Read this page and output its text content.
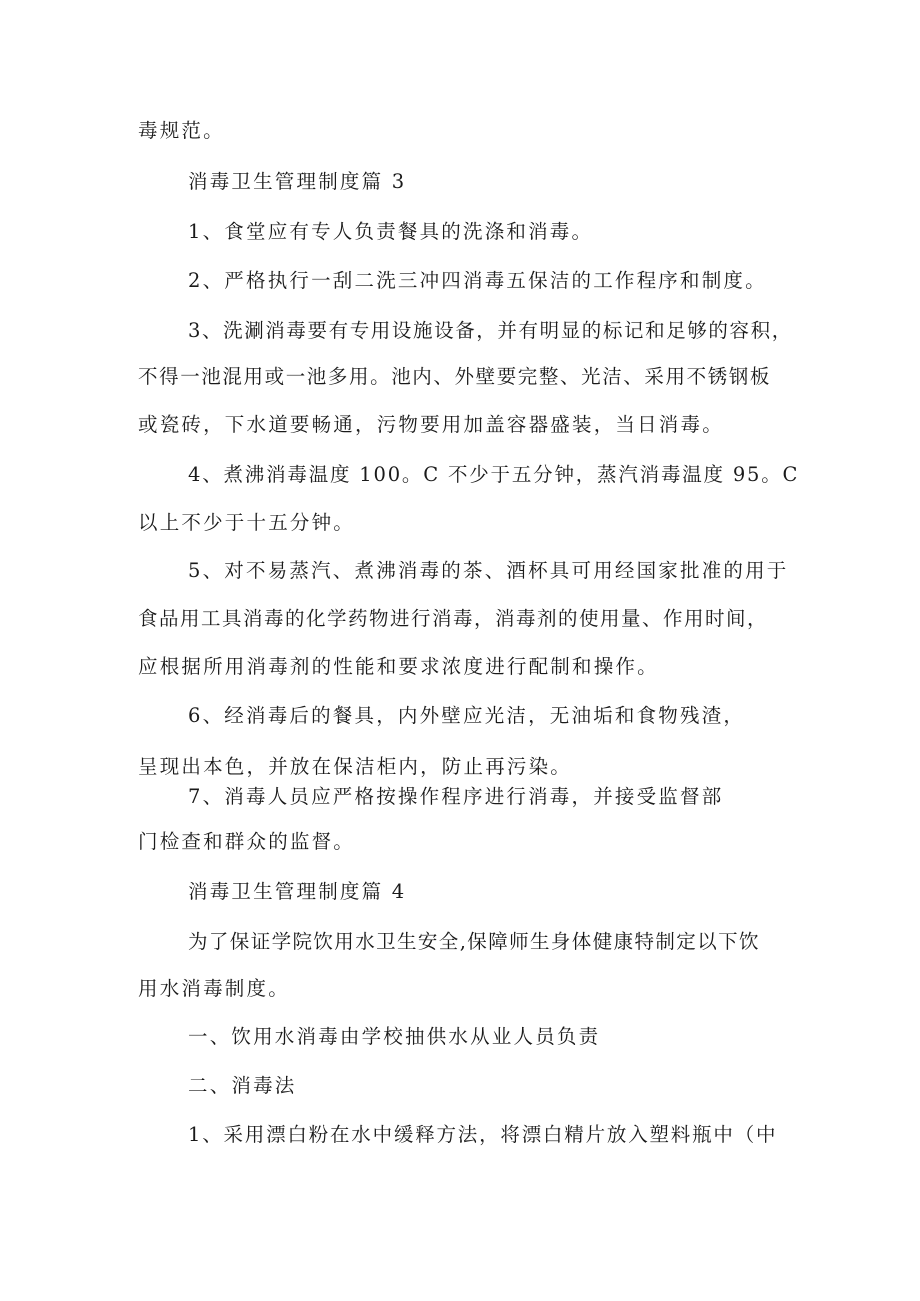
毒规范。
消毒卫生管理制度篇 3
1、食堂应有专人负责餐具的洗涤和消毒。
2、严格执行一刮二洗三冲四消毒五保洁的工作程序和制度。
3、洗涮消毒要有专用设施设备，并有明显的标记和足够的容积，
不得一池混用或一池多用。池内、外壁要完整、光洁、采用不锈钢板
或瓷砖，下水道要畅通，污物要用加盖容器盛装，当日消毒。
4、煮沸消毒温度 100。C 不少于五分钟，蒸汽消毒温度 95。C
以上不少于十五分钟。
5、对不易蒸汽、煮沸消毒的茶、酒杯具可用经国家批准的用于
食品用工具消毒的化学药物进行消毒，消毒剂的使用量、作用时间，
应根据所用消毒剂的性能和要求浓度进行配制和操作。
6、经消毒后的餐具，内外壁应光洁，无油垢和食物残渣，
呈现出本色，并放在保洁柜内，防止再污染。
7、消毒人员应严格按操作程序进行消毒，并接受监督部
门检查和群众的监督。
消毒卫生管理制度篇 4
为了保证学院饮用水卫生安全,保障师生身体健康特制定以下饮
用水消毒制度。
一、饮用水消毒由学校抽供水从业人员负责
二、消毒法
1、采用漂白粉在水中缓释方法，将漂白精片放入塑料瓶中（中
